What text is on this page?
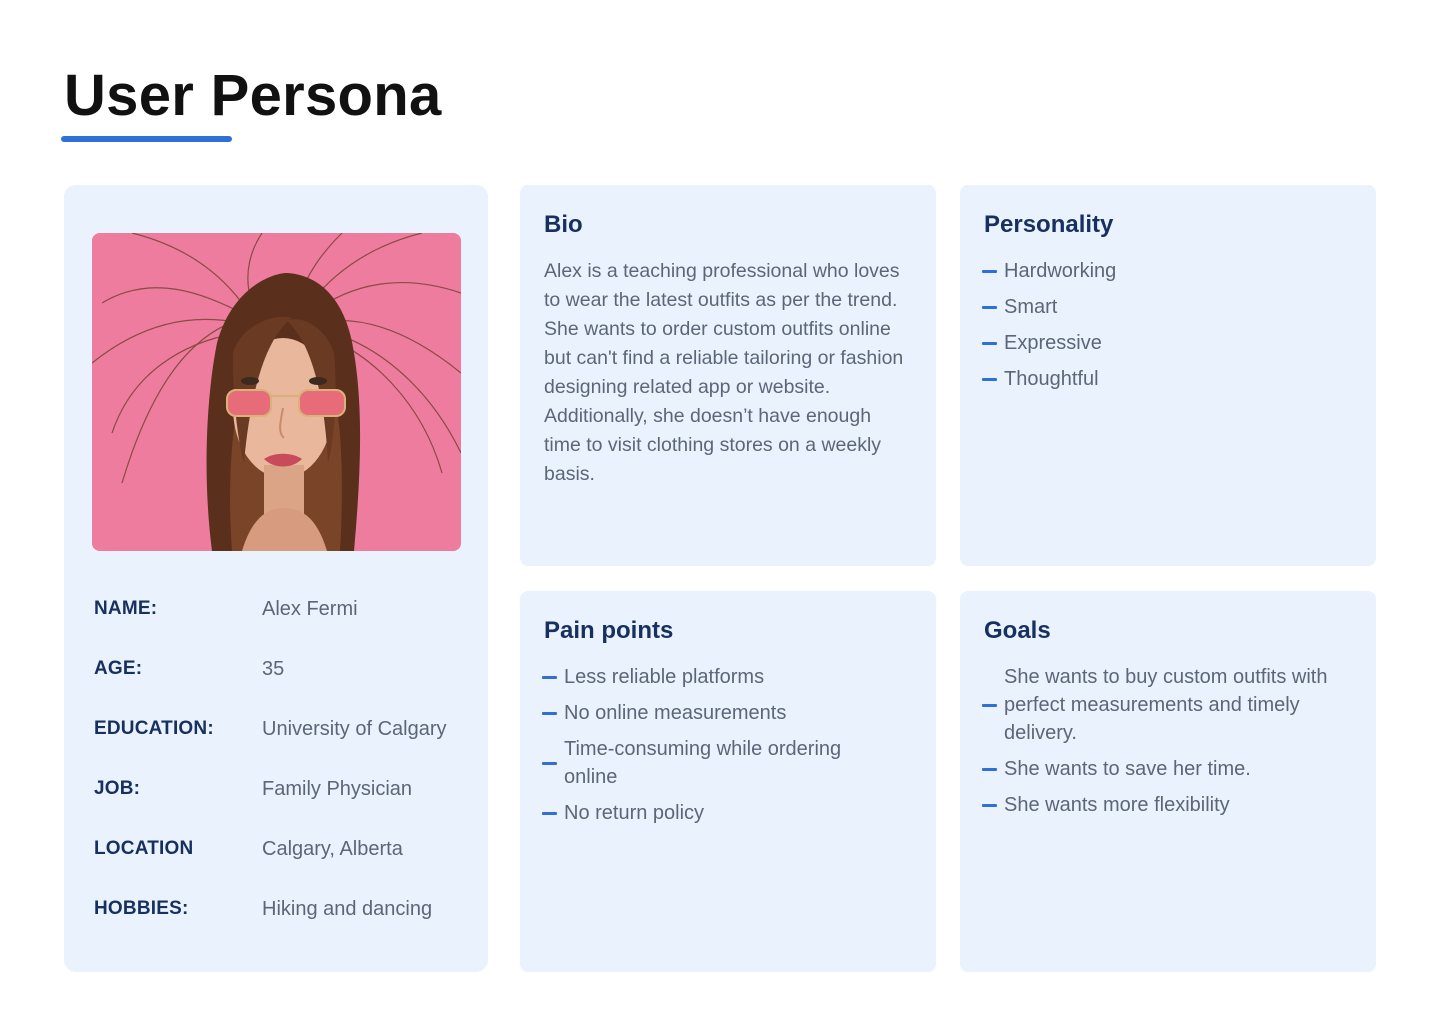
User Persona
NAME:	Alex Fermi
AGE:	35
EDUCATION: University of Calgary
JOB:	Family Physician
LOCATION	Calgary, Alberta
HOBBIES:	Hiking and dancing
Bio

Alex is a teaching professional who loves to wear the latest outfits as per the trend. She wants to order custom outfits online but can't find a reliable tailoring or fashion designing related app or website. Additionally, she doesn’t have enough time to visit clothing stores on a weekly basis.

Personality
Hardworking
Smart
Expressive
Thoughtful
Pain points
Less reliable platforms
No online measurements
Time-consuming while ordering online
No return policy
Goals
She wants to buy custom outfits with perfect measurements and timely delivery.
She wants to save her time.
She wants more flexibility
